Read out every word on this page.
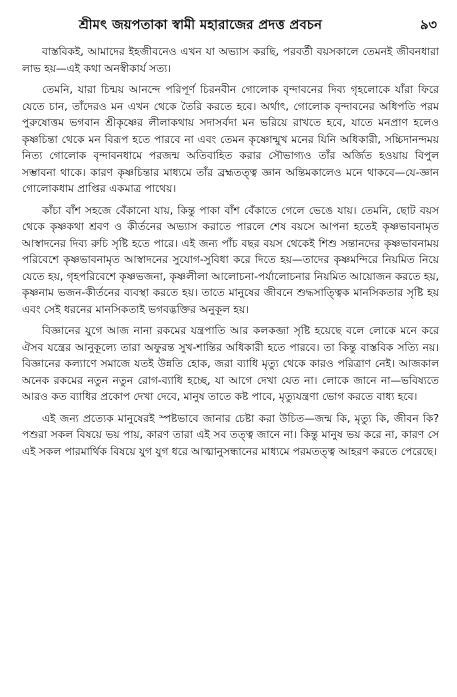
শ্রীমৎ জয়পতাকা স্বামী মহারাজের প্রদত্ত প্রবচন	৯৩

বাস্তবিকই, আমাদের ইহজীবনেও এখন যা অভ্যাস করছি, পরবর্তী বয়সকালে তেমনই জীবনধারা লাভ হয়—এই কথা অনস্বীকার্য সত্য।

তেমনি, যারা চিন্ময় আনন্দে পরিপূর্ণ চিরনবীন গোলোক বৃন্দাবনের দিব্য গৃহলোকে যাঁরা ফিরে যেতে চান, তাঁদেরও মন এখন থেকে তৈরি করতে হবে। অর্থাৎ, গোলোক বৃন্দাবনের অধিপতি পরম পুরুষোত্তম ভগবান শ্রীকৃষ্ণের লীলাকথায় সদাসর্বদা মন ভরিয়ে রাখতে হবে, যাতে মনপ্রাণ হলেও কৃষ্ণচিন্তা থেকে মন বিরূপ হতে পারবে না এবং তেমন কৃষ্ণোন্মুখ মনের যিনি অধিকারী, সচ্চিদানন্দময় নিত্য গোলোক বৃন্দাবনধামে পরজন্ম অতিবাহিত করার সৌভাগ্যও তাঁর অর্জিত হওয়ায় বিপুল সম্ভাবনা থাকে। কারণ কৃষ্ণচিন্তার মাধ্যমে তাঁর ব্রহ্মতত্ত্ব জ্ঞান অন্তিমকালেও মনে থাকবে—যে-জ্ঞান গোলোকধাম প্রাপ্তির একমাত্র পাথেয়।

কাঁচা বাঁশ সহজে বেঁকানো যায়, কিন্তু পাকা বাঁশ বেঁকাতে গেলে ভেঙে যায়। তেমনি, ছোট বয়স থেকে কৃষ্ণকথা শ্রবণ ও কীর্তনের অভ্যাস করাতে পারলে শেষ বয়সে আপনা হতেই কৃষ্ণভাবনামৃত আস্বাদনের দিব্য রুচি সৃষ্টি হতে পারে। এই জন্য পাঁচ বছর বয়স থেকেই শিশু সন্তানদের কৃষ্ণভাবনাময় পরিবেশে কৃষ্ণভাবনামৃত আস্বাদনের সুযোগ-সুবিধা করে দিতে হয়—তাদের কৃষ্ণমন্দিরে নিয়মিত নিয়ে যেতে হয়, গৃহপরিবেশে কৃষ্ণভজনা, কৃষ্ণলীলা আলোচনা-পর্যালোচনার নিয়মিত আয়োজন করতে হয়, কৃষ্ণনাম ভজন-কীর্তনের ব্যবস্থা করতে হয়। তাতে মানুষের জীবনে শুদ্ধসাত্ত্বিক মানসিকতার সৃষ্টি হয় এবং সেই ধরনের মানসিকতাই ভগবদ্ভক্তির অনুকূল হয়।

বিজ্ঞানের যুগে আজ নানা রকমের যন্ত্রপাতি আর কলকব্জা সৃষ্টি হয়েছে বলে লোকে মনে করে ঐসব যন্ত্রের আনুকূল্যে তারা অফুরন্ত সুখ-শান্তির অধিকারী হতে পারবে। তা কিন্তু বাস্তবিক সত্যি নয়। বিজ্ঞানের কল্যাণে সমাজে যতই উন্নতি হোক, জরা ব্যাধি মৃত্যু থেকে কারও পরিত্রাণ নেই। আজকাল অনেক রকমের নতুন নতুন রোগ-ব্যাধি হচ্ছে, যা আগে দেখা যেত না। লোকে জানে না—ভবিষ্যতে আরও কত ব্যাধির প্রকোপ দেখা দেবে, মানুষ তাতে কষ্ট পাবে, মৃত্যুযন্ত্রণা ভোগ করতে বাধ্য হবে।

এই জন্য প্রত্যেক মানুষেরই স্পষ্টভাবে জানার চেষ্টা করা উচিত—জন্ম কি, মৃত্যু কি, জীবন কি? পশুরা সকল বিষয়ে ভয় পায়, কারণ তারা এই সব তত্ত্ব জানে না। কিন্তু মানুষ ভয় করে না, কারণ সে এই সকল পারমার্থিক বিষয়ে যুগ যুগ ধরে আত্মানুসন্ধানের মাধ্যমে পরমতত্ত্ব আহরণ করতে পেরেছে।
